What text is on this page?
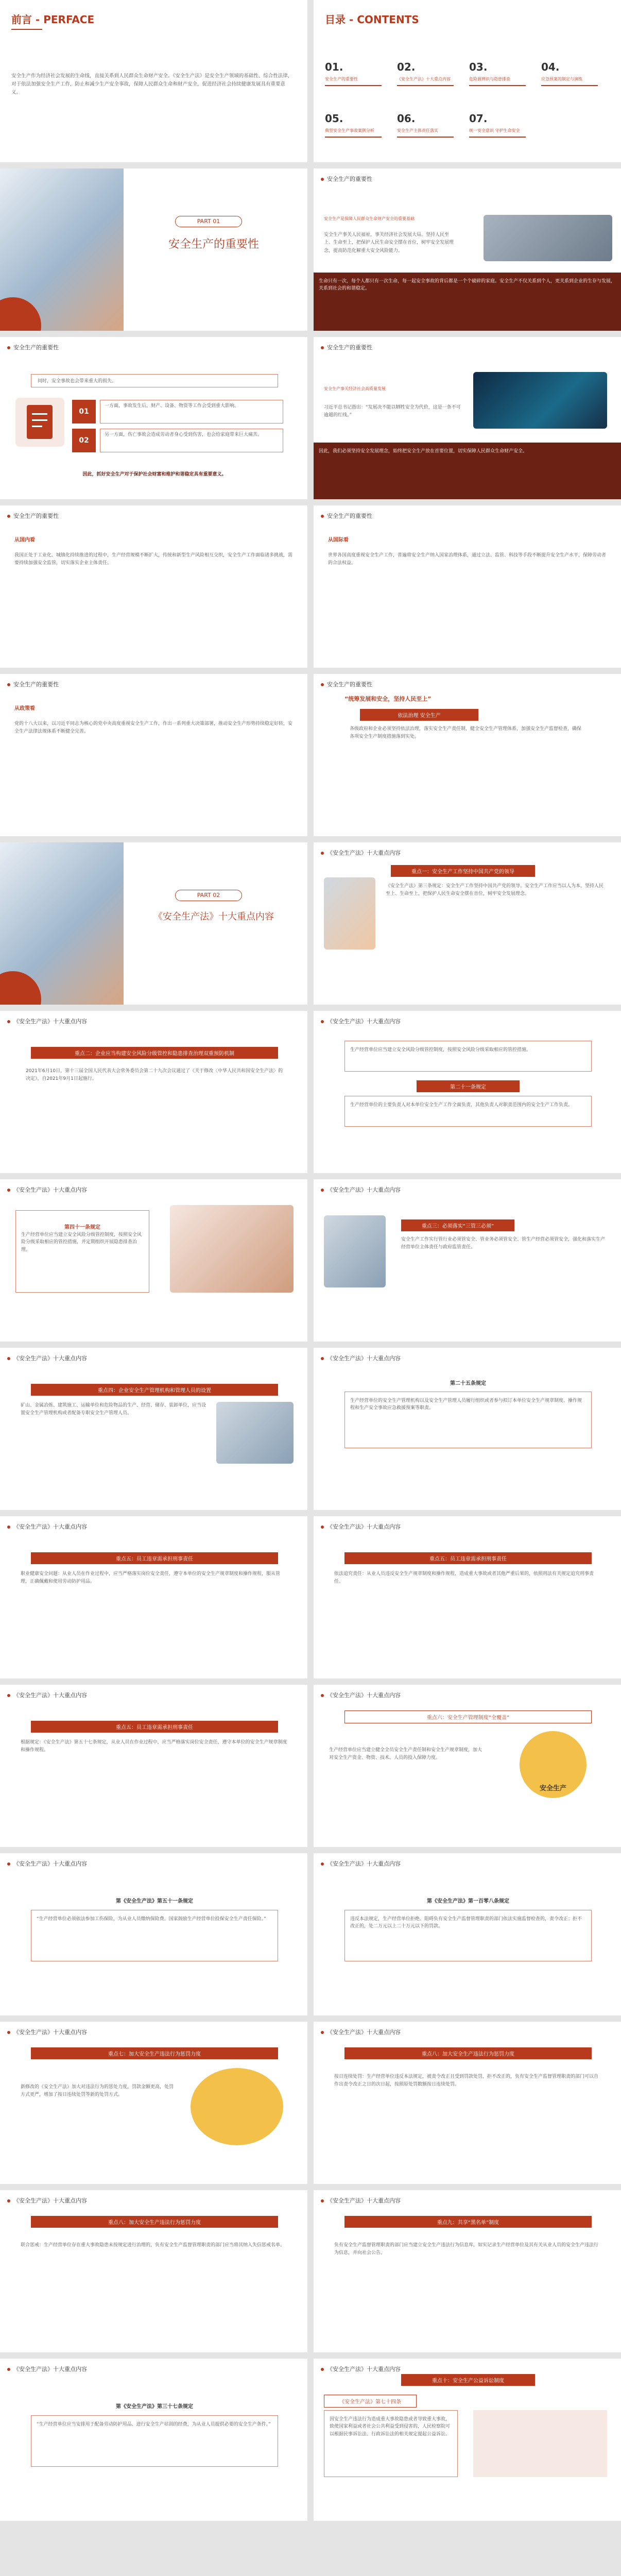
前言 - PERFACE
安全生产作为经济社会发展的生命线，直接关系到人民群众生命财产安全。《安全生产法》是安全生产领域的基础性、综合性法律，对于依法加强安全生产工作，防止和减少生产安全事故，保障人民群众生命和财产安全，促进经济社会持续健康发展具有重要意义。
目录 - CONTENTS
01.
安全生产的重要性
02.
《安全生产法》十大重点内容
03.
危险源辨识与隐患排查
04.
应急预案的制定与演练
05.
典型安全生产事故案例分析
06.
安全生产主体责任落实
07.
统一安全意识 守护生命安全
PART 01
安全生产的重要性
安全生产的重要性
安全生产是保障人民群众生命财产安全的重要基础
安全生产事关人民福祉，事关经济社会发展大局。坚持人民至上、生命至上，把保护人民生命安全摆在首位，树牢安全发展理念，提高防范化解重大安全风险能力。
生命只有一次，每个人都只有一次生命，每一起安全事故的背后都是一个个破碎的家庭。安全生产不仅关系到个人，更关系到企业的生存与发展，关系到社会的和谐稳定。
安全生产的重要性
同时，安全事故也会带来重大的损失。
01
一方面，事故发生后，财产、设备、物资等工作会受到重大影响。
02
另一方面，伤亡事故会造成劳动者身心受到伤害，也会给家庭带来巨大痛苦。
因此，抓好安全生产对于保护社会财富和维护和谐稳定具有重要意义。
安全生产的重要性
安全生产事关经济社会高质量发展
习近平总书记指出：“发展决不能以牺牲安全为代价，这是一条不可逾越的红线。”
因此，我们必须坚持安全发展理念，始终把安全生产放在首要位置，切实保障人民群众生命财产安全。
安全生产的重要性
从国内看
我国正处于工业化、城镇化持续推进的过程中，生产经营规模不断扩大，传统和新型生产风险相互交织，安全生产工作面临诸多挑战，需要持续加强安全监管，切实落实企业主体责任。
安全生产的重要性
从国际看
世界各国高度重视安全生产工作，普遍将安全生产纳入国家治理体系，通过立法、监管、科技等手段不断提升安全生产水平，保障劳动者的合法权益。
安全生产的重要性
从政策看
党的十八大以来，以习近平同志为核心的党中央高度重视安全生产工作，作出一系列重大决策部署，推动安全生产形势持续稳定好转，安全生产法律法规体系不断健全完善。
安全生产的重要性
“统筹发展和安全，坚持人民至上”
依法治理 安全生产
各级政府和企业必须坚持依法治理，落实安全生产责任制，健全安全生产管理体系，加强安全生产监督检查，确保各项安全生产制度措施落到实处。
PART 02
《安全生产法》十大重点内容
《安全生产法》十大重点内容
重点一：安全生产工作坚持中国共产党的领导
《安全生产法》第三条规定：安全生产工作坚持中国共产党的领导。安全生产工作应当以人为本，坚持人民至上、生命至上，把保护人民生命安全摆在首位，树牢安全发展理念。
《安全生产法》十大重点内容
重点二：企业应当构建安全风险分级管控和隐患排查治理双重预防机制
2021年6月10日，第十三届全国人民代表大会常务委员会第二十九次会议通过了《关于修改〈中华人民共和国安全生产法〉的决定》，自2021年9月1日起施行。
《安全生产法》十大重点内容
生产经营单位应当建立安全风险分级管控制度，按照安全风险分级采取相应的管控措施。
第二十一条规定
生产经营单位的主要负责人对本单位安全生产工作全面负责，其他负责人对职责范围内的安全生产工作负责。
《安全生产法》十大重点内容
生产经营单位应当建立安全风险分级管控制度，按照安全风险分级采取相应的管控措施，并定期组织开展隐患排查治理。
第四十一条规定
《安全生产法》十大重点内容
重点三：必须落实“三管三必须”
安全生产工作实行管行业必须管安全、管业务必须管安全、管生产经营必须管安全，强化和落实生产经营单位主体责任与政府监管责任。
《安全生产法》十大重点内容
重点四：企业安全生产管理机构和管理人员的设置
矿山、金属冶炼、建筑施工、运输单位和危险物品的生产、经营、储存、装卸单位，应当设置安全生产管理机构或者配备专职安全生产管理人员。
《安全生产法》十大重点内容
第二十五条规定
生产经营单位的安全生产管理机构以及安全生产管理人员履行组织或者参与拟订本单位安全生产规章制度、操作规程和生产安全事故应急救援预案等职责。
《安全生产法》十大重点内容
重点五：员工违章需承担刑事责任
职业健康安全问题：从业人员在作业过程中，应当严格落实岗位安全责任，遵守本单位的安全生产规章制度和操作规程，服从管理，正确佩戴和使用劳动防护用品。
《安全生产法》十大重点内容
重点五：员工违章需承担刑事责任
依法追究责任：从业人员违反安全生产规章制度和操作规程，造成重大事故或者其他严重后果的，依照刑法有关规定追究刑事责任。
《安全生产法》十大重点内容
重点五：员工违章需承担刑事责任
根据规定：《安全生产法》第五十七条规定，从业人员在作业过程中，应当严格落实岗位安全责任，遵守本单位的安全生产规章制度和操作规程。
《安全生产法》十大重点内容
重点六：安全生产管理制度“全覆盖”
生产经营单位应当建立健全全员安全生产责任制和安全生产规章制度，加大对安全生产资金、物资、技术、人员的投入保障力度。
安全生产
《安全生产法》十大重点内容
第《安全生产法》第五十一条规定
“生产经营单位必须依法参加工伤保险，为从业人员缴纳保险费。国家鼓励生产经营单位投保安全生产责任保险。”
《安全生产法》十大重点内容
第《安全生产法》第一百零八条规定
违反本法规定，生产经营单位拒绝、阻碍负有安全生产监督管理职责的部门依法实施监督检查的，责令改正；拒不改正的，处二万元以上二十万元以下的罚款。
《安全生产法》十大重点内容
重点七：加大安全生产违法行为惩罚力度
新修改的《安全生产法》加大对违法行为的惩处力度，罚款金额更高，处罚方式更严，增加了按日连续处罚等新的处罚方式。
《安全生产法》十大重点内容
重点八：加大安全生产违法行为惩罚力度
按日连续处罚：生产经营单位违反本法规定，被责令改正且受到罚款处罚，拒不改正的，负有安全生产监督管理职责的部门可以自作出责令改正之日的次日起，按照原处罚数额按日连续处罚。
《安全生产法》十大重点内容
重点八：加大安全生产违法行为惩罚力度
联合惩戒：生产经营单位存在重大事故隐患未按规定进行治理的，负有安全生产监督管理职责的部门应当将其纳入失信惩戒名单。
《安全生产法》十大重点内容
重点九：共享“黑名单”制度
负有安全生产监督管理职责的部门应当建立安全生产违法行为信息库，如实记录生产经营单位及其有关从业人员的安全生产违法行为信息，并向社会公告。
《安全生产法》十大重点内容
第《安全生产法》第三十七条规定
“生产经营单位应当安排用于配备劳动防护用品、进行安全生产培训的经费，为从业人员提供必要的安全生产条件。”
《安全生产法》十大重点内容
重点十：安全生产公益诉讼制度
《安全生产法》第七十四条
因安全生产违法行为造成重大事故隐患或者导致重大事故，致使国家利益或者社会公共利益受到侵害的，人民检察院可以根据民事诉讼法、行政诉讼法的相关规定提起公益诉讼。
